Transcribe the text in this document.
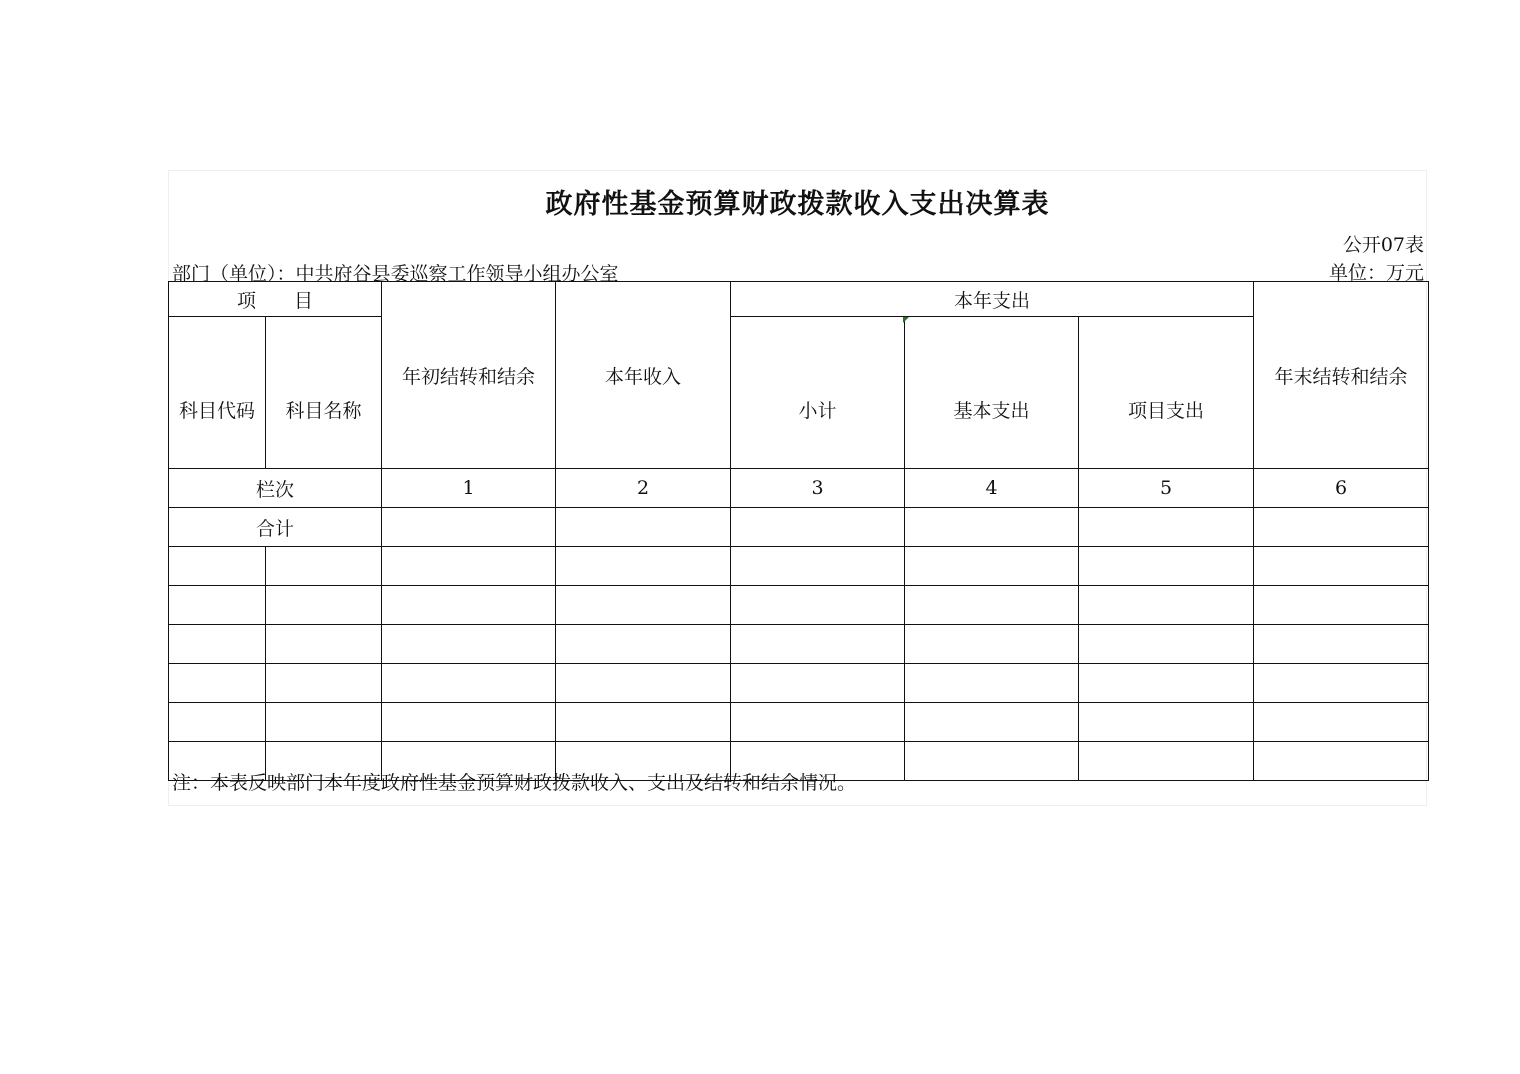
政府性基金预算财政拨款收入支出决算表
公开07表
部门（单位）：中共府谷县委巡察工作领导小组办公室	单位：万元
项 目		年初结转和结余	本年收入	本年支出			年末结转和结余
科目代码	科目名称			小计	基本支出	项目支出	
栏次		1	2	3	4	5	6
合计							

注：本表反映部门本年度政府性基金预算财政拨款收入、支出及结转和结余情况。
